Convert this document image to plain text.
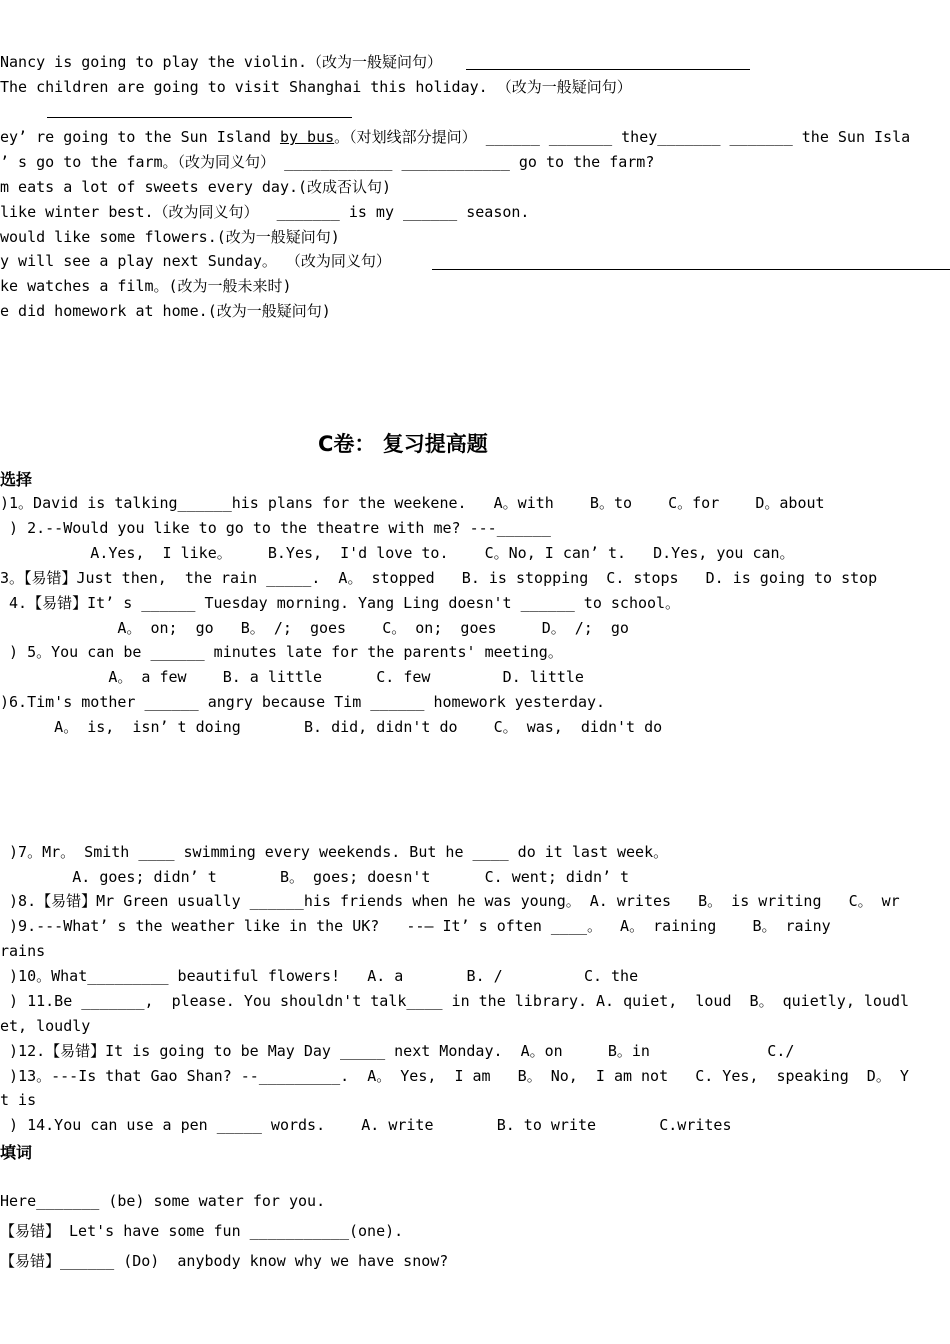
Nancy is going to play the violin.（改为一般疑问句）
The children are going to visit Shanghai this holiday. （改为一般疑问句）
ey’ re going to the Sun Island by bus。（对划线部分提问） ______ _______ they_______ _______ the Sun Isla
’ s go to the farm。（改为同义句） ____________ ____________ go to the farm?
m eats a lot of sweets every day.(改成否认句)
like winter best.（改为同义句）  _______ is my ______ season.
would like some flowers.(改为一般疑问句)
y will see a play next Sunday。 （改为同义句）
ke watches a film。(改为一般未来时)
e did homework at home.(改为一般疑问句)
C卷： 复习提高题
选择
)1。David is talking______his plans for the weekene.   A。with    B。to    C。for    D。about
) 2.--Would you like to go to the theatre with me? ---______
A.Yes,  I like。    B.Yes,  I'd love to.    C。No, I can’ t.   D.Yes, you can。
3。【易错】Just then,  the rain _____.  A。 stopped   B. is stopping  C. stops   D. is going to stop
4.【易错】It’ s ______ Tuesday morning. Yang Ling doesn't ______ to school。
A。 on;  go   B。 /;  goes    C。 on;  goes     D。 /;  go
) 5。You can be ______ minutes late for the parents' meeting。
A。 a few    B. a little      C. few        D. little
)6.Tim's mother ______ angry because Tim ______ homework yesterday.
A。 is,  isn’ t doing       B. did, didn't do    C。 was,  didn't do
)7。Mr。 Smith ____ swimming every weekends. But he ____ do it last week。
A. goes; didn’ t       B。 goes; doesn't      C. went; didn’ t
)8.【易错】Mr Green usually ______his friends when he was young。 A. writes   B。 is writing   C。 wr
)9.---What’ s the weather like in the UK?   --— It’ s often ____。  A。 raining    B。 rainy
rains
)10。What_________ beautiful flowers!   A. a       B. /         C. the
) 11.Be _______,  please. You shouldn't talk____ in the library. A. quiet,  loud  B。 quietly, loudl
et, loudly
)12.【易错】It is going to be May Day _____ next Monday.  A。on     B。in             C./
)13。---Is that Gao Shan? --_________.  A。 Yes,  I am   B。 No,  I am not   C. Yes,  speaking  D。 Y
t is
) 14.You can use a pen _____ words.    A. write       B. to write       C.writes
填词
Here_______ (be) some water for you.
【易错】 Let's have some fun ___________(one).
【易错】______ (Do)  anybody know why we have snow?
